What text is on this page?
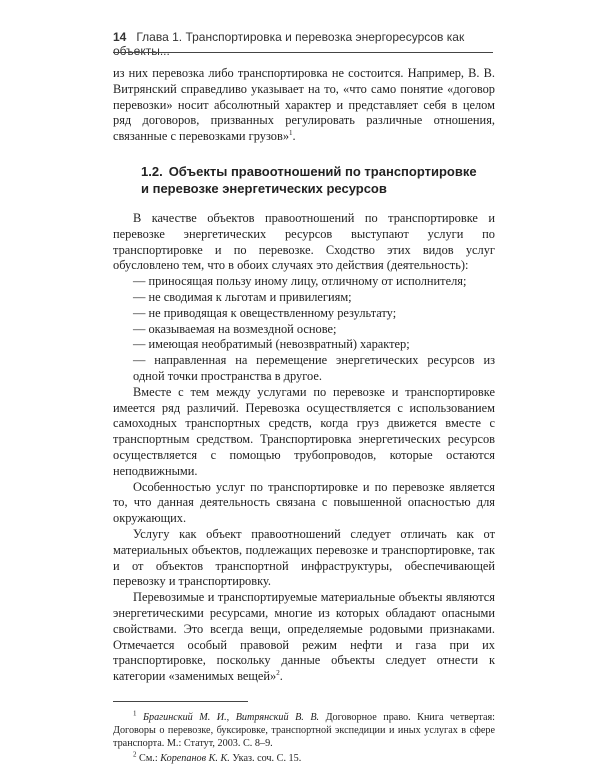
14 Глава 1. Транспортировка и перевозка энергоресурсов как объекты...

из них перевозка либо транспортировка не состоится. Например, В. В. Витрянский справедливо указывает на то, «что само понятие «договор перевозки» носит абсолютный характер и представляет себя в целом ряд договоров, призванных регулировать различные отношения, связанные с перевозками грузов»$^1$.

1.2. Объекты правоотношений по транспортировке
и перевозке энергетических ресурсов

В качестве объектов правоотношений по транспортировке и перевозке энергетических ресурсов выступают услуги по транспортировке и по перевозке. Сходство этих видов услуг обусловлено тем, что в обоих случаях это действия (деятельность):

— приносящая пользу иному лицу, отличному от исполнителя;
— не сводимая к льготам и привилегиям;
— не приводящая к овеществленному результату;
— оказываемая на возмездной основе;
— имеющая необратимый (невозвратный) характер;
— направленная на перемещение энергетических ресурсов из одной точки пространства в другое.

Вместе с тем между услугами по перевозке и транспортировке имеется ряд различий. Перевозка осуществляется с использованием самоходных транспортных средств, когда груз движется вместе с транспортным средством. Транспортировка энергетических ресурсов осуществляется с помощью трубопроводов, которые остаются неподвижными.

Особенностью услуг по транспортировке и по перевозке является то, что данная деятельность связана с повышенной опасностью для окружающих.

Услугу как объект правоотношений следует отличать как от материальных объектов, подлежащих перевозке и транспортировке, так и от объектов транспортной инфраструктуры, обеспечивающей перевозку и транспортировку.

Перевозимые и транспортируемые материальные объекты являются энергетическими ресурсами, многие из которых обладают опасными свойствами. Это всегда вещи, определяемые родовыми признаками. Отмечается особый правовой режим нефти и газа при их транспортировке, поскольку данные объекты следует отнести к категории «заменимых вещей»$^2$.

$^1$ Брагинский М. И., Витрянский В. В. Договорное право. Книга четвертая: Договоры о перевозке, буксировке, транспортной экспедиции и иных услугах в сфере транспорта. М.: Статут, 2003. С. 8–9.

$^2$ См.: Корепанов К. К. Указ. соч. С. 15.
